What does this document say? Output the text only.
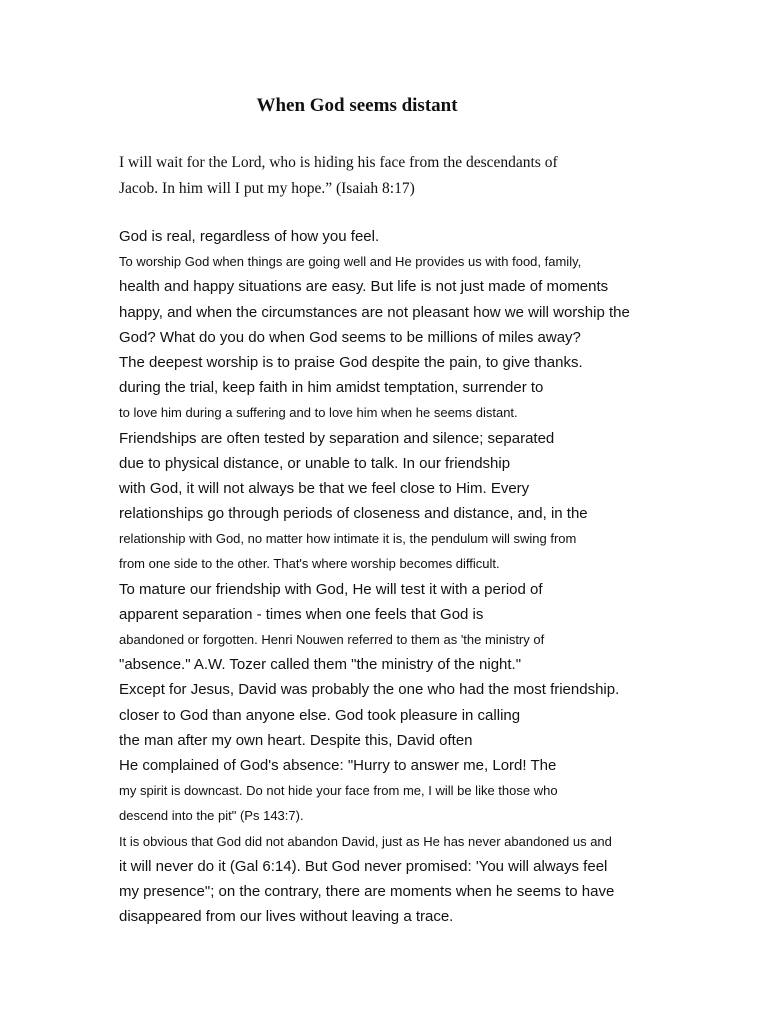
When God seems distant
I will wait for the Lord, who is hiding his face from the descendants of
Jacob. In him will I put my hope.” (Isaiah 8:17)
God is real, regardless of how you feel.
To worship God when things are going well and He provides us with food, family,
health and happy situations are easy. But life is not just made of moments
happy, and when the circumstances are not pleasant how we will worship the
God? What do you do when God seems to be millions of miles away?
The deepest worship is to praise God despite the pain, to give thanks.
during the trial, keep faith in him amidst temptation, surrender to
to love him during a suffering and to love him when he seems distant.
Friendships are often tested by separation and silence; separated
due to physical distance, or unable to talk. In our friendship
with God, it will not always be that we feel close to Him. Every
relationships go through periods of closeness and distance, and, in the
relationship with God, no matter how intimate it is, the pendulum will swing from
from one side to the other. That's where worship becomes difficult.
To mature our friendship with God, He will test it with a period of
apparent separation - times when one feels that God is
abandoned or forgotten. Henri Nouwen referred to them as 'the ministry of
"absence." A.W. Tozer called them "the ministry of the night."
Except for Jesus, David was probably the one who had the most friendship.
closer to God than anyone else. God took pleasure in calling
the man after my own heart. Despite this, David often
He complained of God's absence: "Hurry to answer me, Lord! The
my spirit is downcast. Do not hide your face from me, I will be like those who
descend into the pit" (Ps 143:7).
It is obvious that God did not abandon David, just as He has never abandoned us and
it will never do it (Gal 6:14). But God never promised: 'You will always feel
my presence"; on the contrary, there are moments when he seems to have
disappeared from our lives without leaving a trace.
